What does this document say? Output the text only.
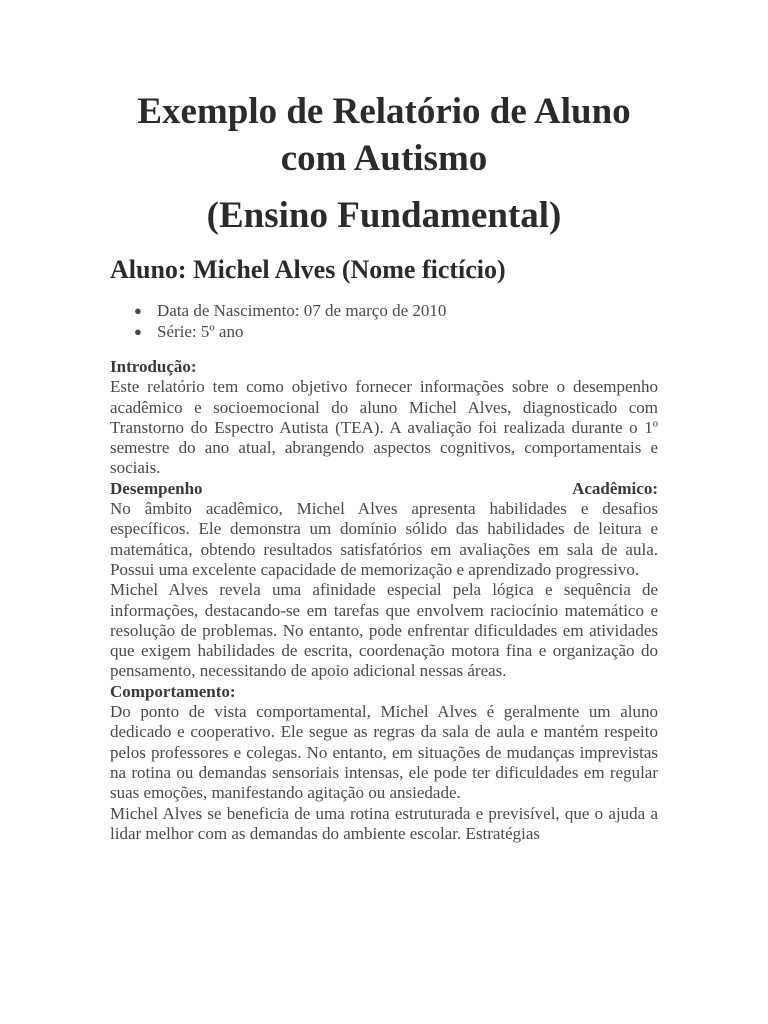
Exemplo de Relatório de Aluno com Autismo
(Ensino Fundamental)
Aluno: Michel Alves (Nome fictício)
● Data de Nascimento: 07 de março de 2010
● Série: 5º ano

Introdução:

Este relatório tem como objetivo fornecer informações sobre o desempenho acadêmico e socioemocional do aluno Michel Alves, diagnosticado com Transtorno do Espectro Autista (TEA). A avaliação foi realizada durante o 1º semestre do ano atual, abrangendo aspectos cognitivos, comportamentais e sociais.

Desempenho	Acadêmico:

No âmbito acadêmico, Michel Alves apresenta habilidades e desafios específicos. Ele demonstra um domínio sólido das habilidades de leitura e matemática, obtendo resultados satisfatórios em avaliações em sala de aula. Possui uma excelente capacidade de memorização e aprendizado progressivo.

Michel Alves revela uma afinidade especial pela lógica e sequência de informações, destacando-se em tarefas que envolvem raciocínio matemático e resolução de problemas. No entanto, pode enfrentar dificuldades em atividades que exigem habilidades de escrita, coordenação motora fina e organização do pensamento, necessitando de apoio adicional nessas áreas.

Comportamento:

Do ponto de vista comportamental, Michel Alves é geralmente um aluno dedicado e cooperativo. Ele segue as regras da sala de aula e mantém respeito pelos professores e colegas. No entanto, em situações de mudanças imprevistas na rotina ou demandas sensoriais intensas, ele pode ter dificuldades em regular suas emoções, manifestando agitação ou ansiedade.

Michel Alves se beneficia de uma rotina estruturada e previsível, que o ajuda a lidar melhor com as demandas do ambiente escolar. Estratégias
